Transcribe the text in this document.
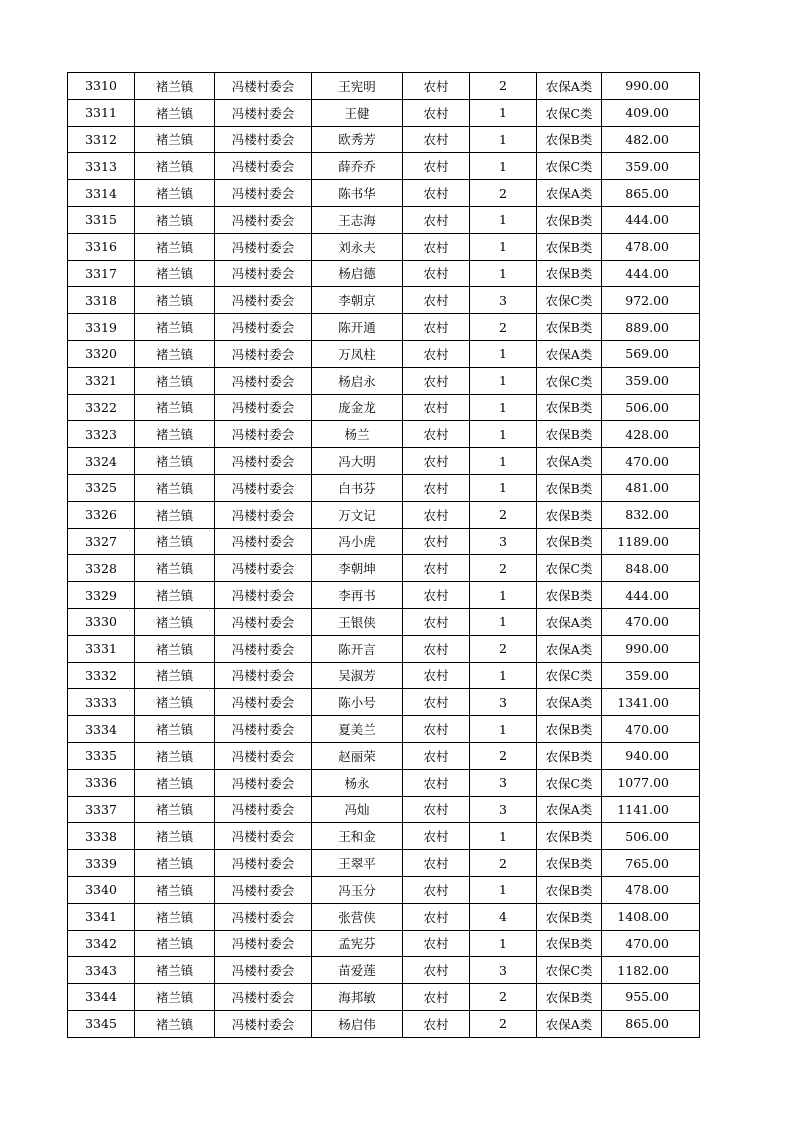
3310	褚兰镇	冯楼村委会	王宪明	农村	2	农保A类	990.00
3311	褚兰镇	冯楼村委会	王健	农村	1	农保C类	409.00
3312	褚兰镇	冯楼村委会	欧秀芳	农村	1	农保B类	482.00
3313	褚兰镇	冯楼村委会	薛乔乔	农村	1	农保C类	359.00
3314	褚兰镇	冯楼村委会	陈书华	农村	2	农保A类	865.00
3315	褚兰镇	冯楼村委会	王志海	农村	1	农保B类	444.00
3316	褚兰镇	冯楼村委会	刘永夫	农村	1	农保B类	478.00
3317	褚兰镇	冯楼村委会	杨启德	农村	1	农保B类	444.00
3318	褚兰镇	冯楼村委会	李朝京	农村	3	农保C类	972.00
3319	褚兰镇	冯楼村委会	陈开通	农村	2	农保B类	889.00
3320	褚兰镇	冯楼村委会	万凤柱	农村	1	农保A类	569.00
3321	褚兰镇	冯楼村委会	杨启永	农村	1	农保C类	359.00
3322	褚兰镇	冯楼村委会	庞金龙	农村	1	农保B类	506.00
3323	褚兰镇	冯楼村委会	杨兰	农村	1	农保B类	428.00
3324	褚兰镇	冯楼村委会	冯大明	农村	1	农保A类	470.00
3325	褚兰镇	冯楼村委会	白书芬	农村	1	农保B类	481.00
3326	褚兰镇	冯楼村委会	万文记	农村	2	农保B类	832.00
3327	褚兰镇	冯楼村委会	冯小虎	农村	3	农保B类	1189.00
3328	褚兰镇	冯楼村委会	李朝坤	农村	2	农保C类	848.00
3329	褚兰镇	冯楼村委会	李再书	农村	1	农保B类	444.00
3330	褚兰镇	冯楼村委会	王银侠	农村	1	农保A类	470.00
3331	褚兰镇	冯楼村委会	陈开言	农村	2	农保A类	990.00
3332	褚兰镇	冯楼村委会	吴淑芳	农村	1	农保C类	359.00
3333	褚兰镇	冯楼村委会	陈小号	农村	3	农保A类	1341.00
3334	褚兰镇	冯楼村委会	夏美兰	农村	1	农保B类	470.00
3335	褚兰镇	冯楼村委会	赵丽荣	农村	2	农保B类	940.00
3336	褚兰镇	冯楼村委会	杨永	农村	3	农保C类	1077.00
3337	褚兰镇	冯楼村委会	冯灿	农村	3	农保A类	1141.00
3338	褚兰镇	冯楼村委会	王和金	农村	1	农保B类	506.00
3339	褚兰镇	冯楼村委会	王翠平	农村	2	农保B类	765.00
3340	褚兰镇	冯楼村委会	冯玉分	农村	1	农保B类	478.00
3341	褚兰镇	冯楼村委会	张营侠	农村	4	农保B类	1408.00
3342	褚兰镇	冯楼村委会	孟宪芬	农村	1	农保B类	470.00
3343	褚兰镇	冯楼村委会	苗爱莲	农村	3	农保C类	1182.00
3344	褚兰镇	冯楼村委会	海邦敏	农村	2	农保B类	955.00
3345	褚兰镇	冯楼村委会	杨启伟	农村	2	农保A类	865.00
